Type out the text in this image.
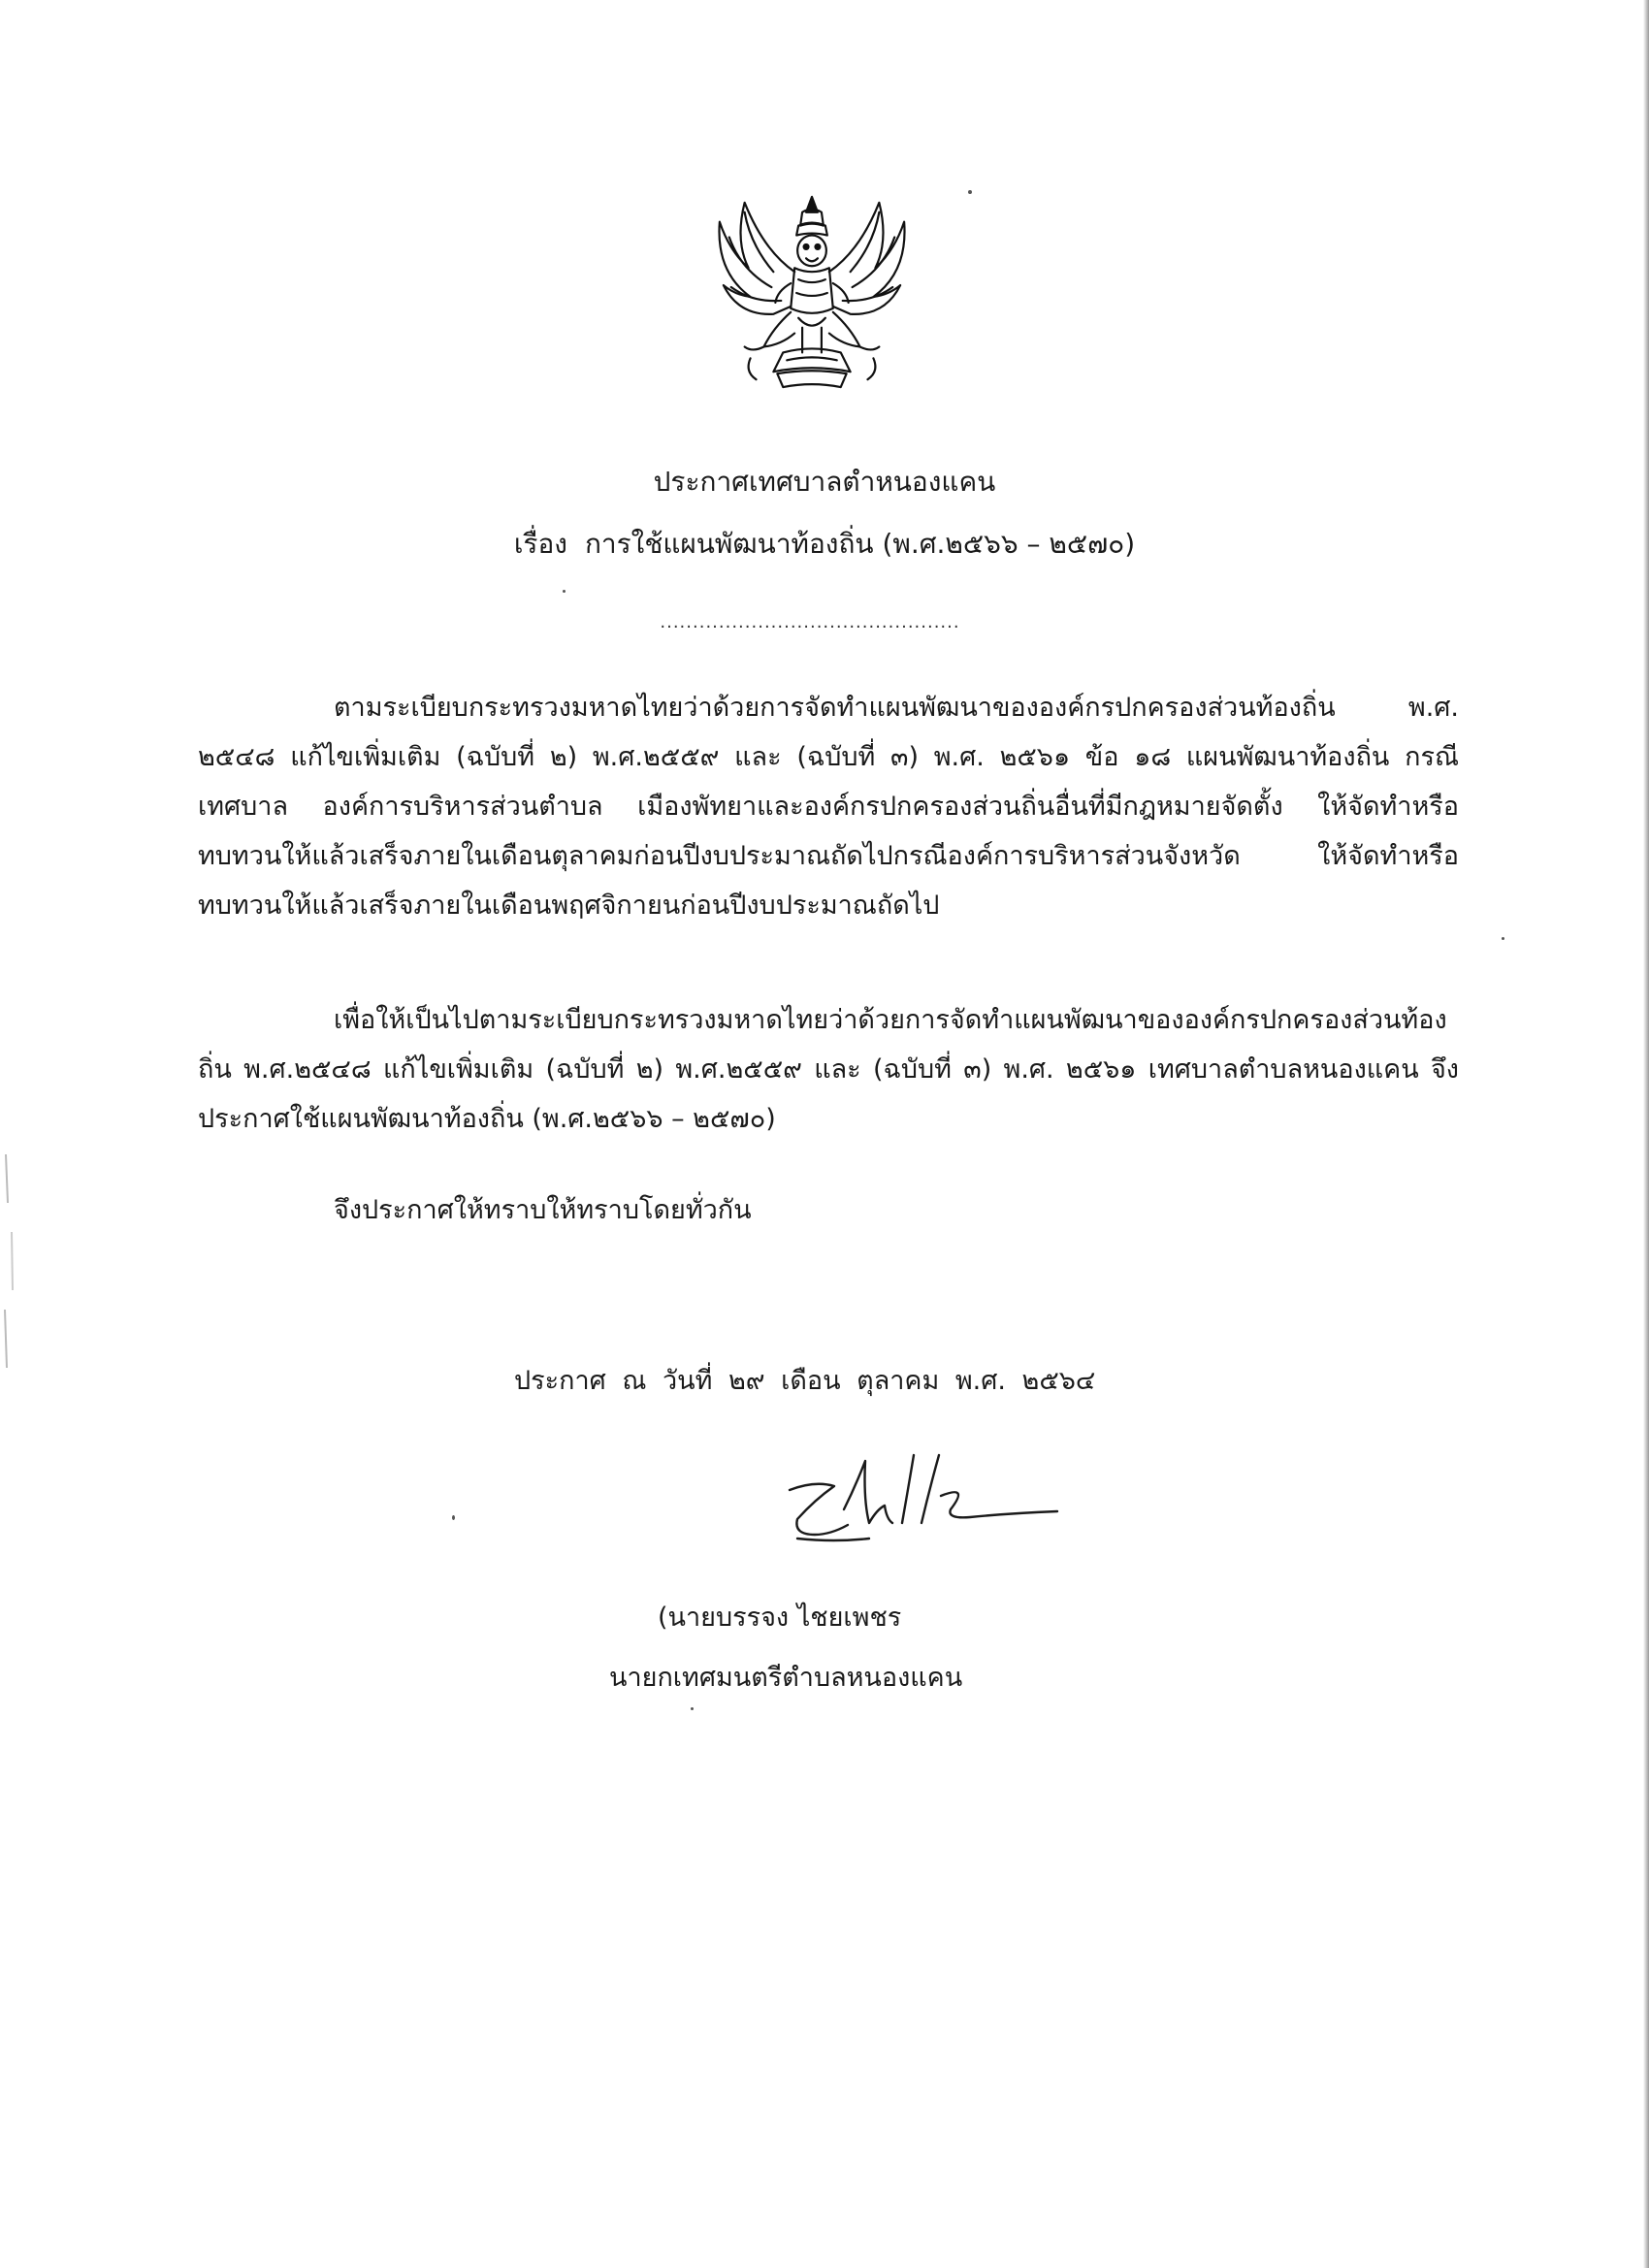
ประกาศเทศบาลตำหนองแคน
เรื่อง การใช้แผนพัฒนาท้องถิ่น (พ.ศ.๒๕๖๖ – ๒๕๗๐)
..............................................

ตามระเบียบกระทรวงมหาดไทยว่าด้วยการจัดทำแผนพัฒนาขององค์กรปกครองส่วนท้องถิ่น พ.ศ. ๒๕๔๘ แก้ไขเพิ่มเติม (ฉบับที่ ๒) พ.ศ.๒๕๕๙ และ (ฉบับที่ ๓) พ.ศ. ๒๕๖๑ ข้อ ๑๘ แผนพัฒนาท้องถิ่น กรณีเทศบาล องค์การบริหารส่วนตำบล เมืองพัทยาและองค์กรปกครองส่วนถิ่นอื่นที่มีกฎหมายจัดตั้ง ให้จัดทำหรือทบทวนให้แล้วเสร็จภายในเดือนตุลาคมก่อนปีงบประมาณถัดไปกรณีองค์การบริหารส่วนจังหวัด ให้จัดทำหรือทบทวนให้แล้วเสร็จภายในเดือนพฤศจิกายนก่อนปีงบประมาณถัดไป

เพื่อให้เป็นไปตามระเบียบกระทรวงมหาดไทยว่าด้วยการจัดทำแผนพัฒนาขององค์กรปกครองส่วนท้องถิ่น พ.ศ.๒๕๔๘ แก้ไขเพิ่มเติม (ฉบับที่ ๒) พ.ศ.๒๕๕๙ และ (ฉบับที่ ๓) พ.ศ. ๒๕๖๑ เทศบาลตำบลหนองแคน จึงประกาศใช้แผนพัฒนาท้องถิ่น (พ.ศ.๒๕๖๖ – ๒๕๗๐)

จึงประกาศให้ทราบให้ทราบโดยทั่วกัน

ประกาศ ณ วันที่ ๒๙ เดือน ตุลาคม พ.ศ. ๒๕๖๔
(นายบรรจง ไชยเพชร
นายกเทศมนตรีตำบลหนองแคน
